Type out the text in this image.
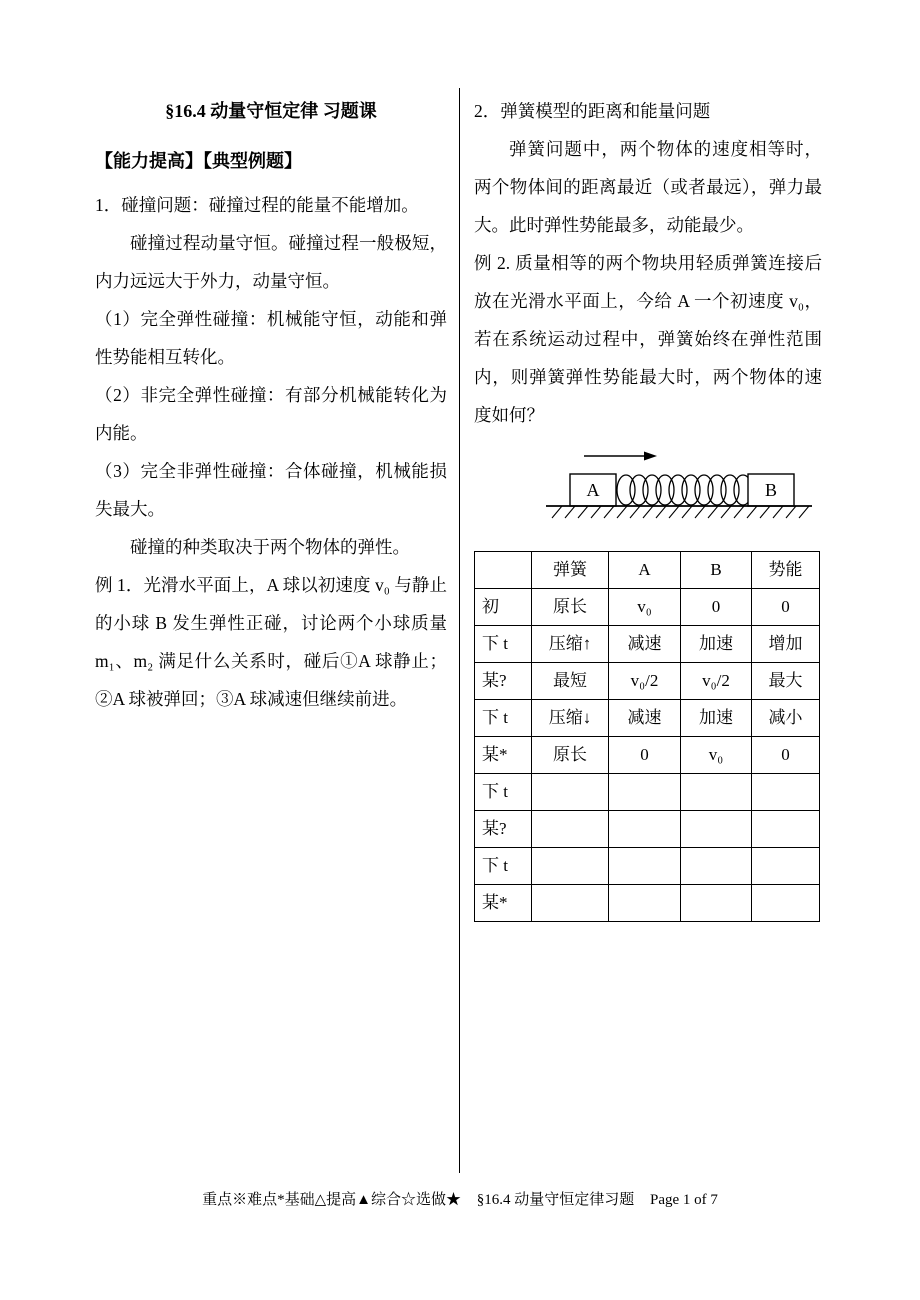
§16.4 动量守恒定律 习题课
【能力提高】【典型例题】

1．碰撞问题：碰撞过程的能量不能增加。

碰撞过程动量守恒。碰撞过程一般极短，内力远远大于外力，动量守恒。

（1）完全弹性碰撞：机械能守恒，动能和弹性势能相互转化。

（2）非完全弹性碰撞：有部分机械能转化为内能。

（3）完全非弹性碰撞：合体碰撞，机械能损失最大。

碰撞的种类取决于两个物体的弹性。

例 1．光滑水平面上，A 球以初速度 v₀ 与静止的小球 B 发生弹性正碰，讨论两个小球质量 m₁、m₂ 满足什么关系时，碰后①A 球静止；②A 球被弹回；③A 球减速但继续前进。

2．弹簧模型的距离和能量问题

弹簧问题中，两个物体的速度相等时，两个物体间的距离最近（或者最远），弹力最大。此时弹性势能最多，动能最少。

例 2. 质量相等的两个物块用轻质弹簧连接后放在光滑水平面上，今给 A 一个初速度 v₀，若在系统运动过程中，弹簧始终在弹性范围内，则弹簧弹性势能最大时，两个物体的速度如何？

A	B
	弹簧	A	B	势能
初	原长	v₀	0	0
下 t	压缩↑	减速	加速	增加
某?	最短	v₀/2	v₀/2	最大
下 t	压缩↓	减速	加速	减小
某*	原长	0	v₀	0
下 t				
某?				
下 t				
某*				
重点※难点*基础△提高▲综合☆选做★ §16.4 动量守恒定律习题 Page 1 of 7
